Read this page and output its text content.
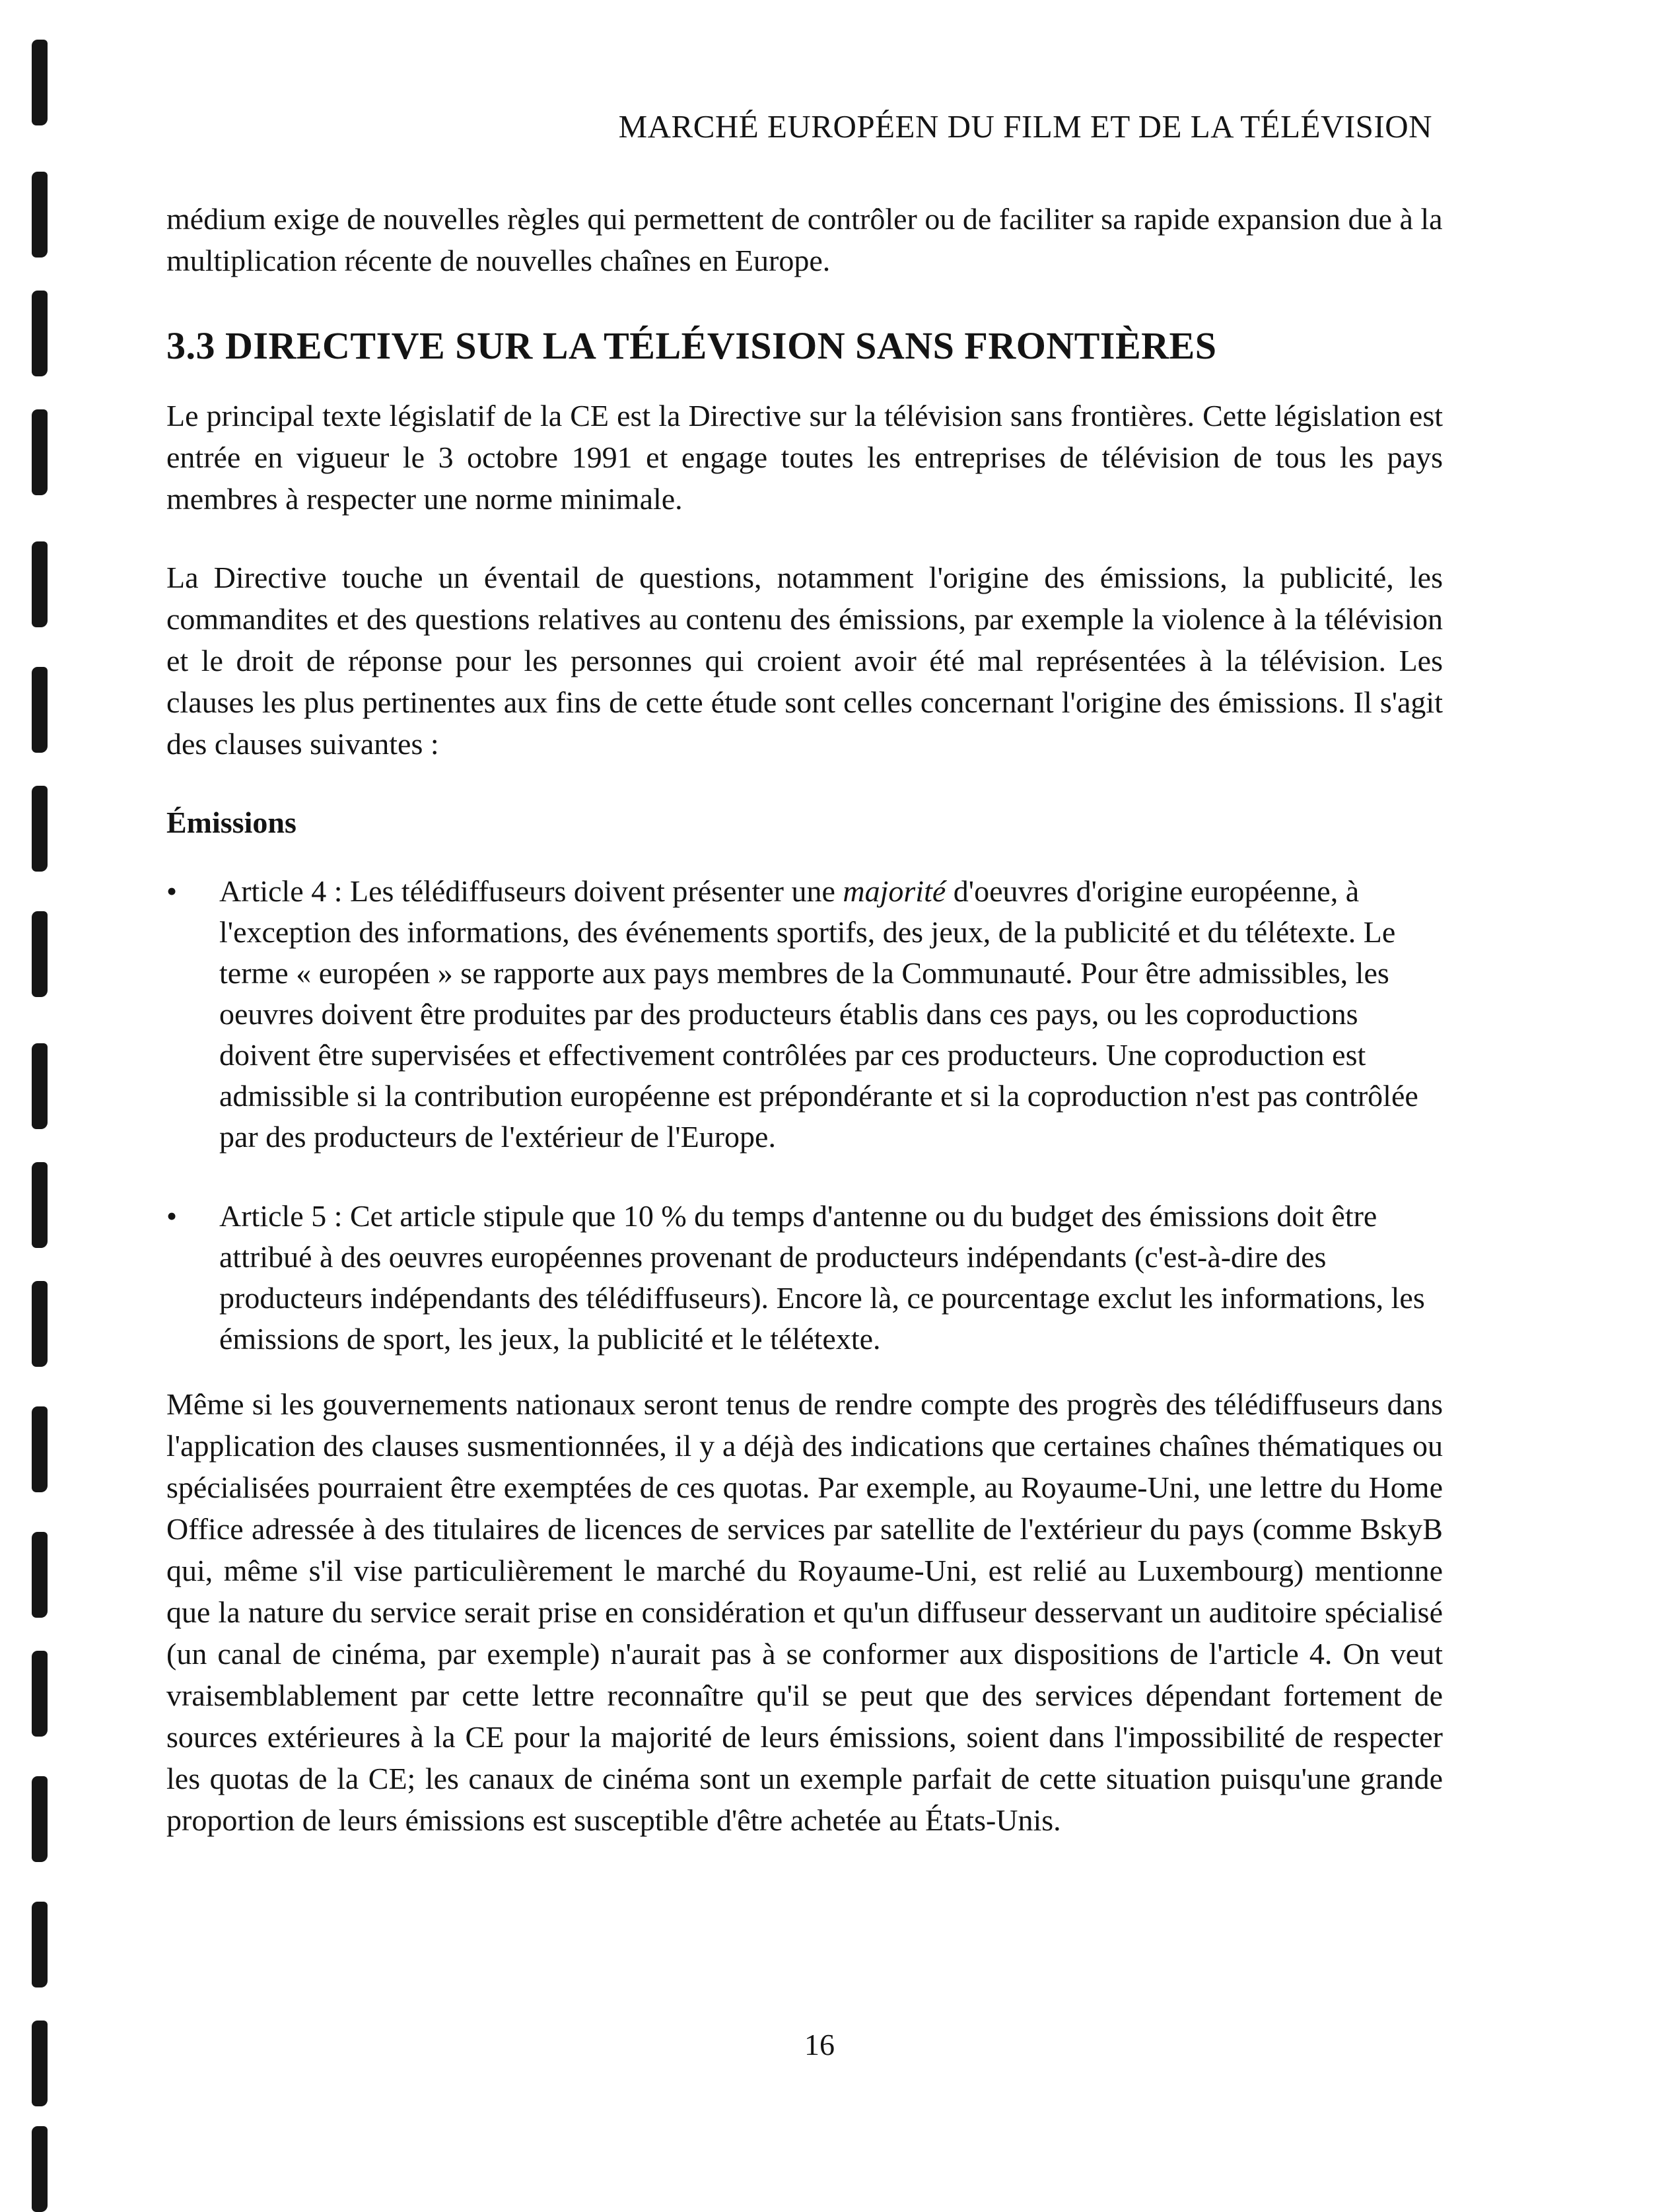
MARCHÉ EUROPÉEN DU FILM ET DE LA TÉLÉVISION

médium exige de nouvelles règles qui permettent de contrôler ou de faciliter sa rapide expansion due à la multiplication récente de nouvelles chaînes en Europe.

3.3 DIRECTIVE SUR LA TÉLÉVISION SANS FRONTIÈRES

Le principal texte législatif de la CE est la Directive sur la télévision sans frontières. Cette législation est entrée en vigueur le 3 octobre 1991 et engage toutes les entreprises de télévision de tous les pays membres à respecter une norme minimale.

La Directive touche un éventail de questions, notamment l'origine des émissions, la publicité, les commandites et des questions relatives au contenu des émissions, par exemple la violence à la télévision et le droit de réponse pour les personnes qui croient avoir été mal représentées à la télévision. Les clauses les plus pertinentes aux fins de cette étude sont celles concernant l'origine des émissions. Il s'agit des clauses suivantes :

Émissions
• Article 4 : Les télédiffuseurs doivent présenter une majorité d'oeuvres d'origine européenne, à l'exception des informations, des événements sportifs, des jeux, de la publicité et du télétexte. Le terme « européen » se rapporte aux pays membres de la Communauté. Pour être admissibles, les oeuvres doivent être produites par des producteurs établis dans ces pays, ou les coproductions doivent être supervisées et effectivement contrôlées par ces producteurs. Une coproduction est admissible si la contribution européenne est prépondérante et si la coproduction n'est pas contrôlée par des producteurs de l'extérieur de l'Europe.
• Article 5 : Cet article stipule que 10 % du temps d'antenne ou du budget des émissions doit être attribué à des oeuvres européennes provenant de producteurs indépendants (c'est-à-dire des producteurs indépendants des télédiffuseurs). Encore là, ce pourcentage exclut les informations, les émissions de sport, les jeux, la publicité et le télétexte.

Même si les gouvernements nationaux seront tenus de rendre compte des progrès des télédiffuseurs dans l'application des clauses susmentionnées, il y a déjà des indications que certaines chaînes thématiques ou spécialisées pourraient être exemptées de ces quotas. Par exemple, au Royaume-Uni, une lettre du Home Office adressée à des titulaires de licences de services par satellite de l'extérieur du pays (comme BskyB qui, même s'il vise particulièrement le marché du Royaume-Uni, est relié au Luxembourg) mentionne que la nature du service serait prise en considération et qu'un diffuseur desservant un auditoire spécialisé (un canal de cinéma, par exemple) n'aurait pas à se conformer aux dispositions de l'article 4. On veut vraisemblablement par cette lettre reconnaître qu'il se peut que des services dépendant fortement de sources extérieures à la CE pour la majorité de leurs émissions, soient dans l'impossibilité de respecter les quotas de la CE; les canaux de cinéma sont un exemple parfait de cette situation puisqu'une grande proportion de leurs émissions est susceptible d'être achetée au États-Unis.

16
